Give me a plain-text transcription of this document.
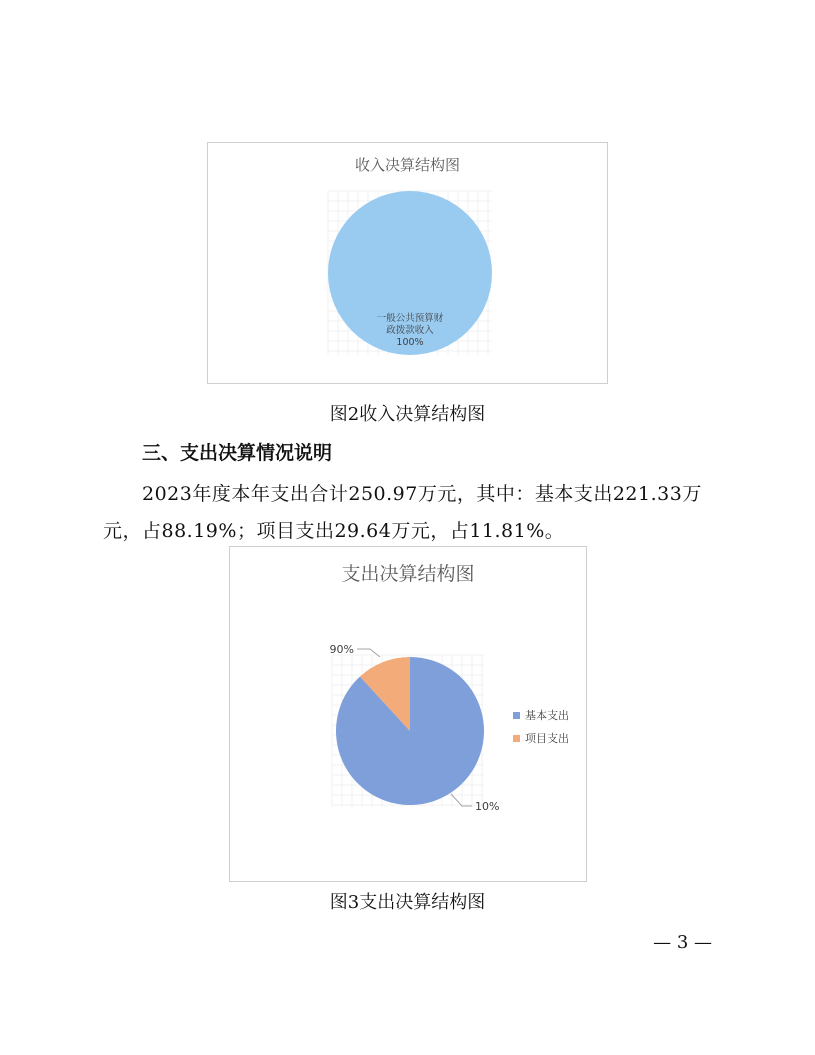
收入决算结构图
一般公共预算财政拨款收入 100%
图2收入决算结构图
三、支出决算情况说明
2023年度本年支出合计250.97万元，其中：基本支出221.33万
元，占88.19%；项目支出29.64万元，占11.81%。
支出决算结构图
90%
10%
基本支出
项目支出
图3支出决算结构图
— 3 —
